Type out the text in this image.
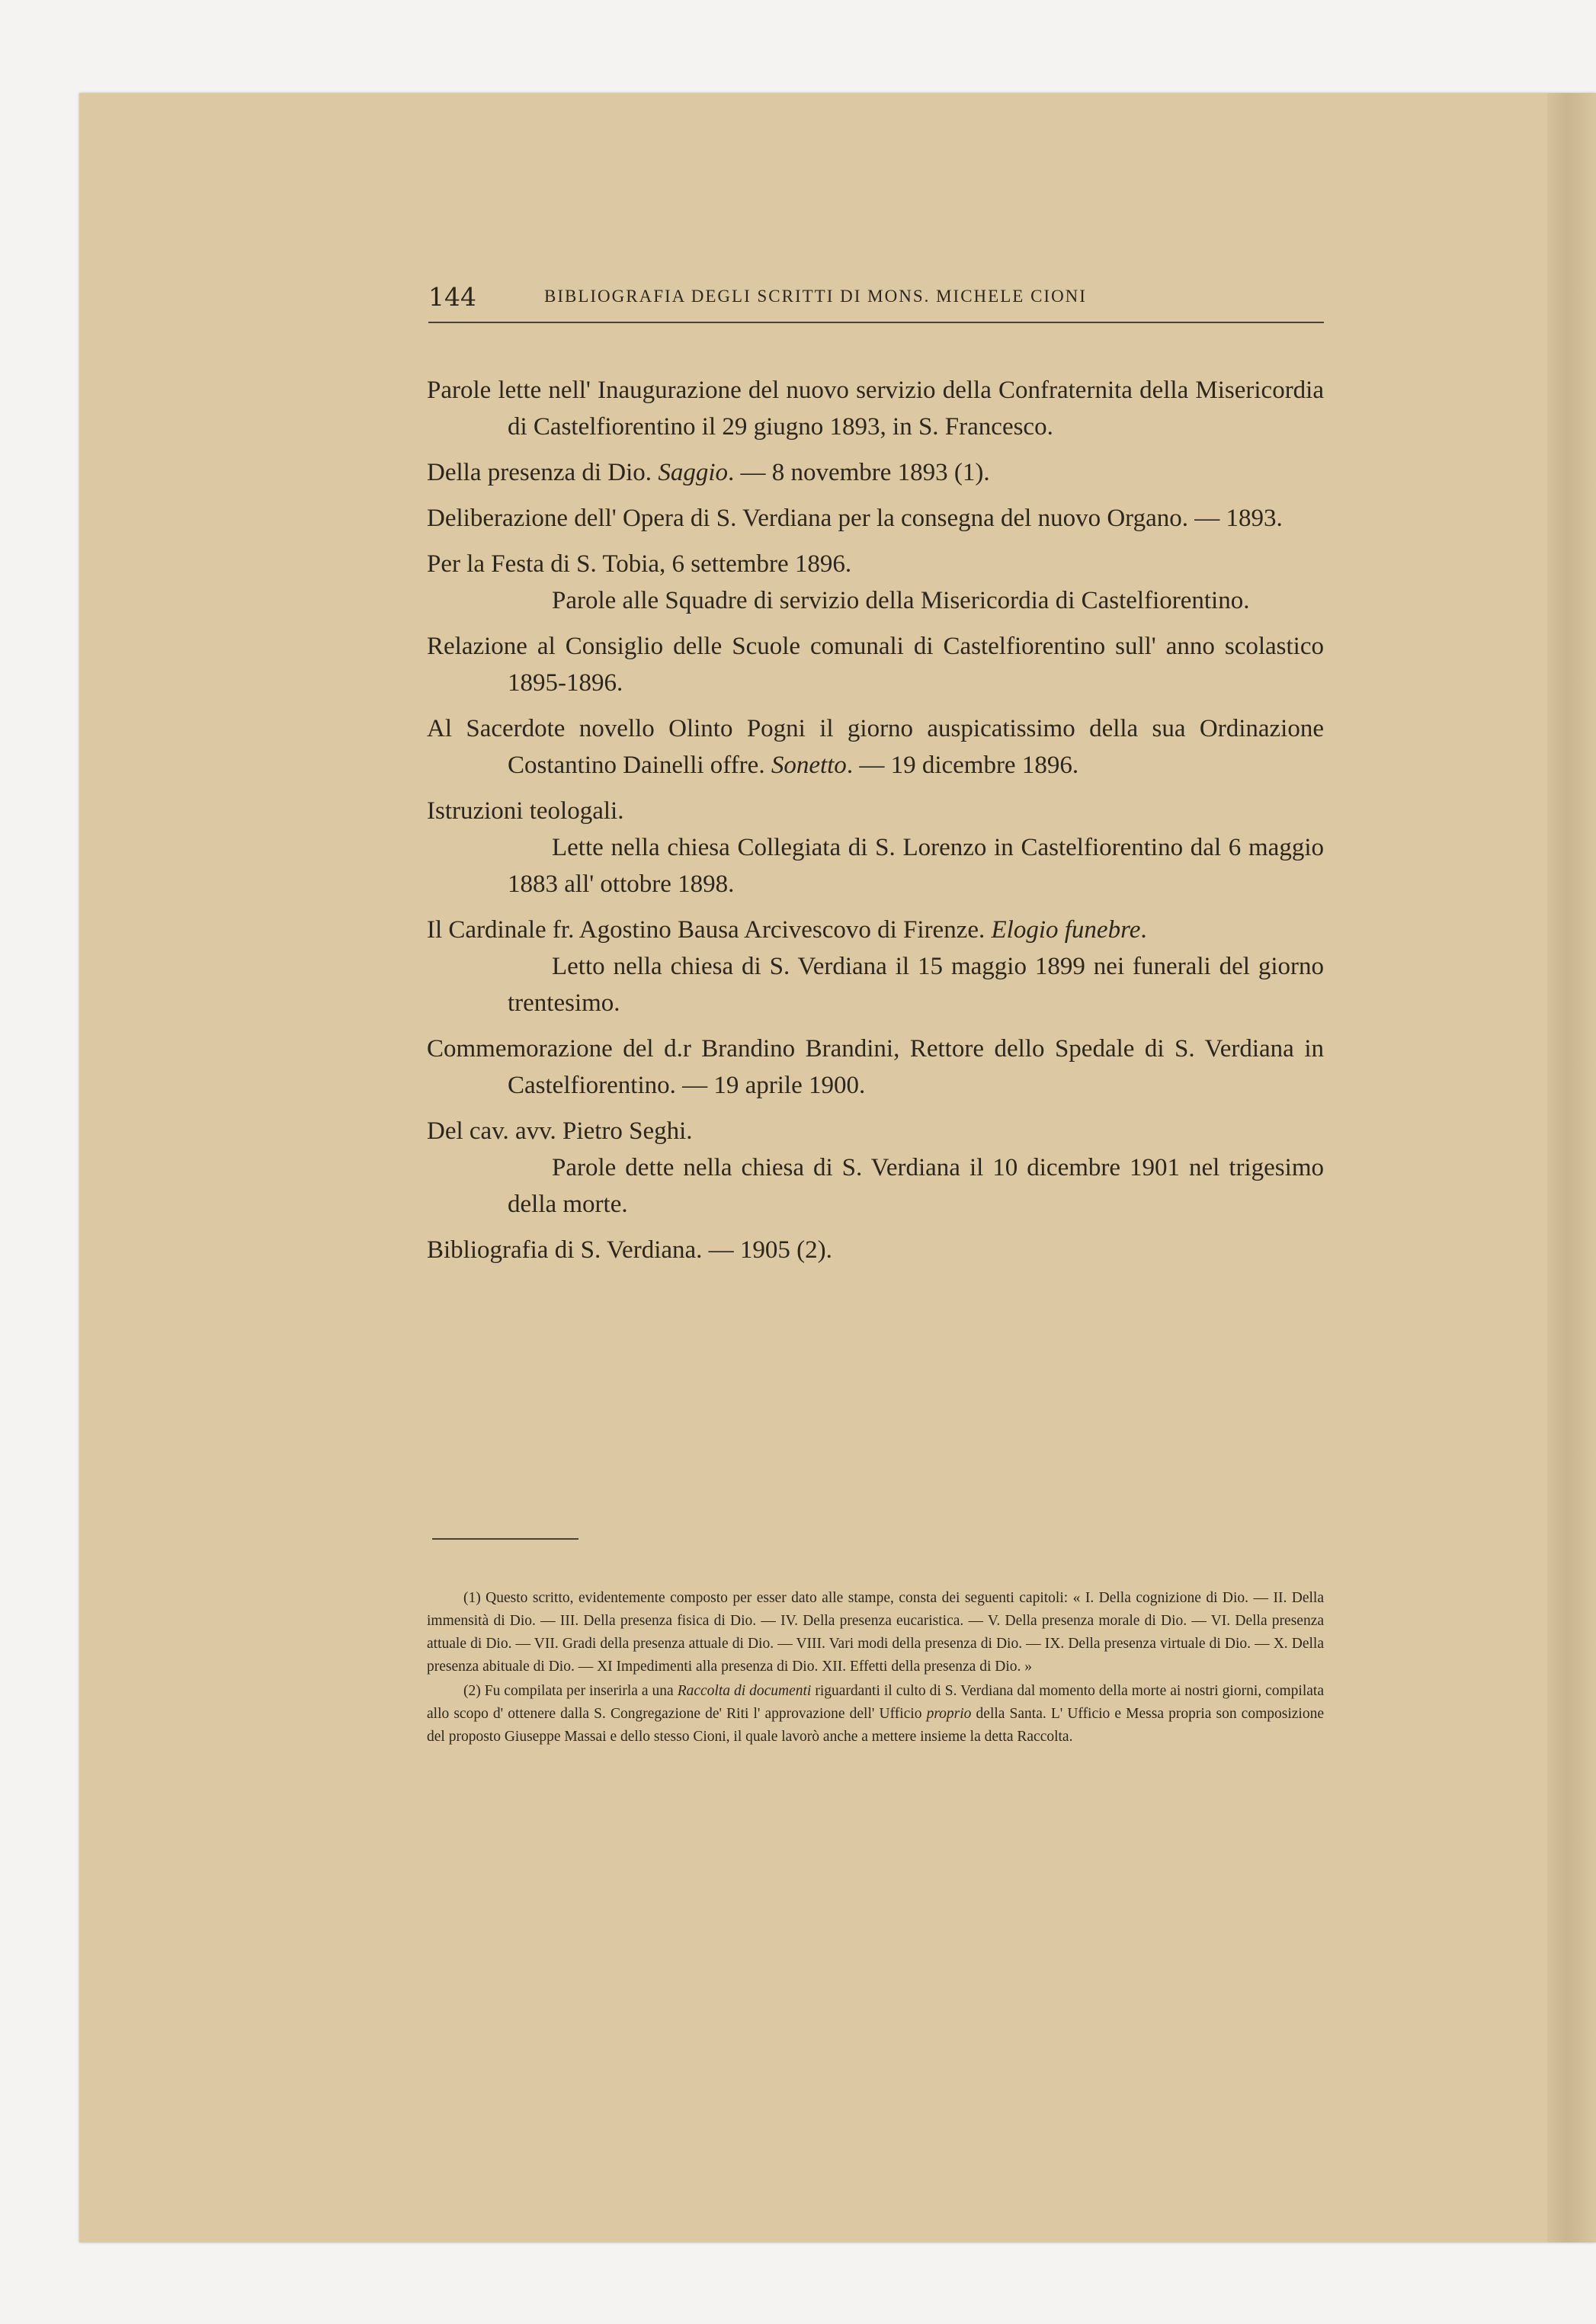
144	BIBLIOGRAFIA DEGLI SCRITTI DI MONS. MICHELE CIONI

Parole lette nell' Inaugurazione del nuovo servizio della Confraternita della Misericordia di Castelfiorentino il 29 giugno 1893, in S. Francesco.

Della presenza di Dio. Saggio. — 8 novembre 1893 (1).

Deliberazione dell' Opera di S. Verdiana per la consegna del nuovo Organo. — 1893.

Per la Festa di S. Tobia, 6 settembre 1896.
Parole alle Squadre di servizio della Misericordia di Castelfiorentino.

Relazione al Consiglio delle Scuole comunali di Castelfiorentino sull' anno scolastico 1895-1896.

Al Sacerdote novello Olinto Pogni il giorno auspicatissimo della sua Ordinazione Costantino Dainelli offre. Sonetto. — 19 dicembre 1896.

Istruzioni teologali.
Lette nella chiesa Collegiata di S. Lorenzo in Castelfiorentino dal 6 maggio 1883 all' ottobre 1898.

Il Cardinale fr. Agostino Bausa Arcivescovo di Firenze. Elogio funebre.
Letto nella chiesa di S. Verdiana il 15 maggio 1899 nei funerali del giorno trentesimo.

Commemorazione del d.r Brandino Brandini, Rettore dello Spedale di S. Verdiana in Castelfiorentino. — 19 aprile 1900.

Del cav. avv. Pietro Seghi.
Parole dette nella chiesa di S. Verdiana il 10 dicembre 1901 nel trigesimo della morte.

Bibliografia di S. Verdiana. — 1905 (2).

(1) Questo scritto, evidentemente composto per esser dato alle stampe, consta dei seguenti capitoli: « I. Della cognizione di Dio. — II. Della immensità di Dio. — III. Della presenza fisica di Dio. — IV. Della presenza eucaristica. — V. Della presenza morale di Dio. — VI. Della presenza attuale di Dio. — VII. Gradi della presenza attuale di Dio. — VIII. Vari modi della presenza di Dio. — IX. Della presenza virtuale di Dio. — X. Della presenza abituale di Dio. — XI Impedimenti alla presenza di Dio. XII. Effetti della presenza di Dio. »

(2) Fu compilata per inserirla a una Raccolta di documenti riguardanti il culto di S. Verdiana dal momento della morte ai nostri giorni, compilata allo scopo d' ottenere dalla S. Congregazione de' Riti l' approvazione dell' Ufficio proprio della Santa. L' Ufficio e Messa propria son composizione del proposto Giuseppe Massai e dello stesso Cioni, il quale lavorò anche a mettere insieme la detta Raccolta.
